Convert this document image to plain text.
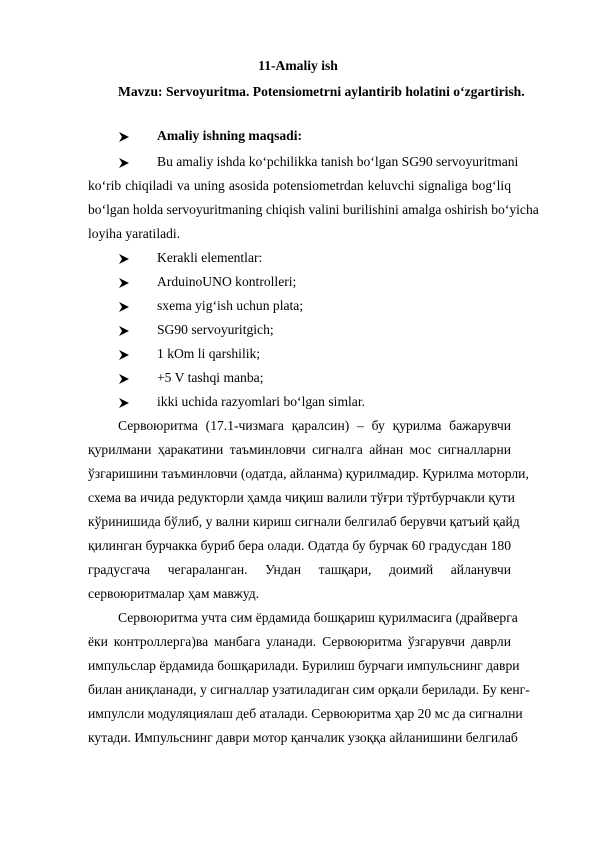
11-Amaliy ish
Mavzu: Servoyuritma. Potensiometrni aylantirib holatini o‘zgartirish.
Amaliy ishning maqsadi:
Bu amaliy ishda ko‘pchilikka tanish bo‘lgan SG90 servoyuritmani
ko‘rib chiqiladi va uning asosida potensiometrdan keluvchi signaliga bog‘liq
bo‘lgan holda servoyuritmaning chiqish valini burilishini amalga oshirish bo‘yicha
loyiha yaratiladi.
Kerakli elementlar:
ArduinoUNO kontrolleri;
sxema yig‘ish uchun plata;
SG90 servoyuritgich;
1 kOm li qarshilik;
+5 V tashqi manba;
ikki uchida razyomlari bo‘lgan simlar.
Сервоюритма (17.1-чизмага қаралсин) – бу қурилма бажарувчи
қурилмани ҳаракатини таъминловчи сигналга айнан мос сигналларни
ўзгаришини таъминловчи (одатда, айланма) қурилмадир. Қурилма моторли,
схема ва ичида редукторли ҳамда чиқиш валили тўғри тўртбурчакли қути
кўринишида бўлиб, у вални кириш сигнали белгилаб берувчи қатъий қайд
қилинган бурчакка буриб бера олади. Одатда бу бурчак 60 градусдан 180
градусгача чегараланган. Ундан ташқари, доимий айланувчи
сервоюритмалар ҳам мавжуд.
Сервоюритма учта сим ёрдамида бошқариш қурилмасига (драйверга
ёки контроллерга)ва манбага уланади. Сервоюритма ўзгарувчи даврли
импульслар ёрдамида бошқарилади. Бурилиш бурчаги импульснинг даври
билан аниқланади, у сигналлар узатиладиган сим орқали берилади. Бу кенг-
импулсли модуляциялаш деб аталади. Сервоюритма ҳар 20 мс да сигнални
кутади. Импульснинг даври мотор қанчалик узоққа айланишини белгилаб
